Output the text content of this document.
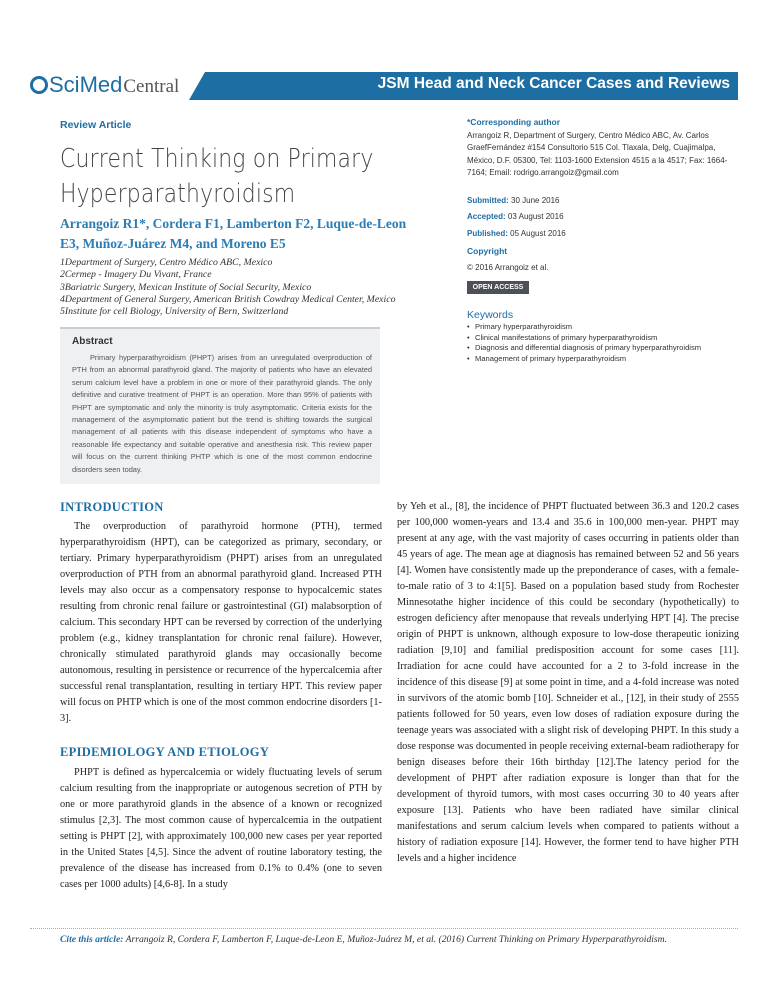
SciMedCentral	JSM Head and Neck Cancer Cases and Reviews
Review Article
Current Thinking on Primary Hyperparathyroidism
Arrangoiz R1*, Cordera F1, Lamberton F2, Luque-de-Leon E3, Muñoz-Juárez M4, and Moreno E5
1Department of Surgery, Centro Médico ABC, Mexico
2Cermep - Imagery Du Vivant, France
3Bariatric Surgery, Mexican Institute of Social Security, Mexico
4Department of General Surgery, American British Cowdray Medical Center, Mexico
5Institute for cell Biology, University of Bern, Switzerland
Abstract
Primary hyperparathyroidism (PHPT) arises from an unregulated overproduction of PTH from an abnormal parathyroid gland. The majority of patients who have an elevated serum calcium level have a problem in one or more of their parathyroid glands. The only definitive and curative treatment of PHPT is an operation. More than 95% of patients with PHPT are symptomatic and only the minority is truly asymptomatic. Criteria exists for the management of the asymptomatic patient but the trend is shifting towards the surgical management of all patients with this disease independent of symptoms who have a reasonable life expectancy and suitable operative and anesthesia risk. This review paper will focus on the current thinking PHTP which is one of the most common endocrine disorders seen today.
*Corresponding author
Arrangoiz R, Department of Surgery, Centro Médico ABC, Av. Carlos GraefFernández #154 Consultorio 515 Col. Tlaxala, Delg, Cuajimalpa, México, D.F. 05300, Tel: 1103-1600 Extension 4515 a la 4517; Fax: 1664-7164; Email: rodrigo.arrangoiz@gmail.com
Submitted: 30 June 2016
Accepted: 03 August 2016
Published: 05 August 2016
Copyright
© 2016 Arrangoiz et al.
OPEN ACCESS
Keywords
• Primary hyperparathyroidism
• Clinical manifestations of primary hyperparathyroidism
• Diagnosis and differential diagnosis of primary hyperparathyroidism
• Management of primary hyperparathyroidism
INTRODUCTION

The overproduction of parathyroid hormone (PTH), termed hyperparathyroidism (HPT), can be categorized as primary, secondary, or tertiary. Primary hyperparathyroidism (PHPT) arises from an unregulated overproduction of PTH from an abnormal parathyroid gland. Increased PTH levels may also occur as a compensatory response to hypocalcemic states resulting from chronic renal failure or gastrointestinal (GI) malabsorption of calcium. This secondary HPT can be reversed by correction of the underlying problem (e.g., kidney transplantation for chronic renal failure). However, chronically stimulated parathyroid glands may occasionally become autonomous, resulting in persistence or recurrence of the hypercalcemia after successful renal transplantation, resulting in tertiary HPT. This review paper will focus on PHTP which is one of the most common endocrine disorders [1-3].

EPIDEMIOLOGY AND ETIOLOGY

PHPT is defined as hypercalcemia or widely fluctuating levels of serum calcium resulting from the inappropriate or autogenous secretion of PTH by one or more parathyroid glands in the absence of a known or recognized stimulus [2,3]. The most common cause of hypercalcemia in the outpatient setting is PHPT [2], with approximately 100,000 new cases per year reported in the United States [4,5]. Since the advent of routine laboratory testing, the prevalence of the disease has increased from 0.1% to 0.4% (one to seven cases per 1000 adults) [4,6-8]. In a study

by Yeh et al., [8], the incidence of PHPT fluctuated between 36.3 and 120.2 cases per 100,000 women-years and 13.4 and 35.6 in 100,000 men-year. PHPT may present at any age, with the vast majority of cases occurring in patients older than 45 years of age. The mean age at diagnosis has remained between 52 and 56 years [4]. Women have consistently made up the preponderance of cases, with a female-to-male ratio of 3 to 4:1[5]. Based on a population based study from Rochester Minnesotathe higher incidence of this could be secondary (hypothetically) to estrogen deficiency after menopause that reveals underlying HPT [4]. The precise origin of PHPT is unknown, although exposure to low-dose therapeutic ionizing radiation [9,10] and familial predisposition account for some cases [11]. Irradiation for acne could have accounted for a 2 to 3-fold increase in the incidence of this disease [9] at some point in time, and a 4-fold increase was noted in survivors of the atomic bomb [10]. Schneider et al., [12], in their study of 2555 patients followed for 50 years, even low doses of radiation exposure during the teenage years was associated with a slight risk of developing PHPT. In this study a dose response was documented in people receiving external-beam radiotherapy for benign diseases before their 16th birthday [12].The latency period for the development of PHPT after radiation exposure is longer than that for the development of thyroid tumors, with most cases occurring 30 to 40 years after exposure [13]. Patients who have been radiated have similar clinical manifestations and serum calcium levels when compared to patients without a history of radiation exposure [14]. However, the former tend to have higher PTH levels and a higher incidence

Cite this article: Arrangoiz R, Cordera F, Lamberton F, Luque-de-Leon E, Muñoz-Juárez M, et al. (2016) Current Thinking on Primary Hyperparathyroidism.
